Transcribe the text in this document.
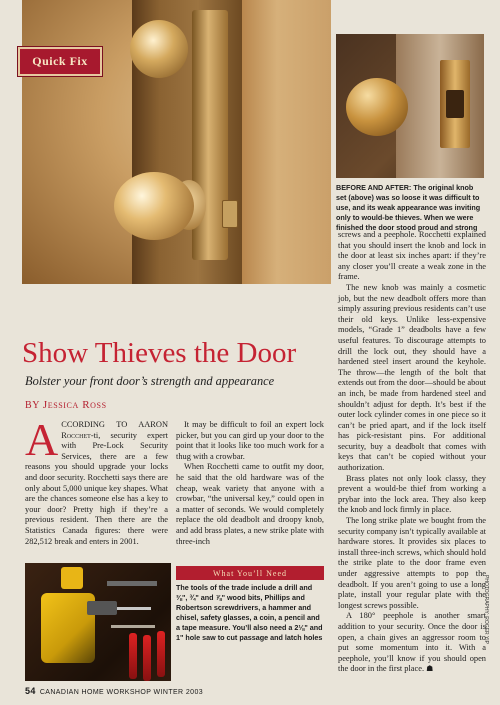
Quick Fix

BEFORE AND AFTER: The original knob set (above) was so loose it was difficult to use, and its weak appearance was inviting only to would-be thieves. When we were finished the door stood proud and strong

Show Thieves the Door

Bolster your front door’s strength and appearance

BY Jessica Ross

ACCORDING TO AARON Rocchet-ti, security expert with Pre-Lock Security Services, there are a few reasons you should upgrade your locks and door security. Rocchetti says there are only about 5,000 unique key shapes. What are the chances someone else has a key to your door? Pretty high if they’re a previous resident. Then there are the Statistics Canada figures: there were 282,512 break and enters in 2001.

It may be difficult to foil an expert lock picker, but you can gird up your door to the point that it looks like too much work for a thug with a crowbar.

When Rocchetti came to outfit my door, he said that the old hardware was of the cheap, weak variety that anyone with a crowbar, “the universal key,” could open in a matter of seconds. We would completely replace the old deadbolt and droopy knob, and add brass plates, a new strike plate with three-inch

screws and a peephole. Rocchetti explained that you should insert the knob and lock in the door at least six inches apart: if they’re any closer you’ll create a weak zone in the frame.

The new knob was mainly a cosmetic job, but the new deadbolt offers more than simply assuring previous residents can’t use their old keys. Unlike less-expensive models, “Grade 1” deadbolts have a few useful features. To discourage attempts to drill the lock out, they should have a hardened steel insert around the keyhole. The throw—the length of the bolt that extends out from the door—should be about an inch, be made from hardened steel and shouldn’t adjust for depth. It’s best if the outer lock cylinder comes in one piece so it can’t be pried apart, and if the lock itself has pick-resistant pins. For additional security, buy a deadbolt that comes with keys that can’t be copied without your authorization.

Brass plates not only look classy, they prevent a would-be thief from working a prybar into the lock area. They also keep the knob and lock firmly in place.

The long strike plate we bought from the security company isn’t typically available at hardware stores. It provides six places to install three-inch screws, which should hold the strike plate to the door frame even under aggressive attempts to pop the deadbolt. If you aren’t going to use a long plate, install your regular plate with the longest screws possible.

A 180° peephole is another smart addition to your security. Once the door is open, a chain gives an aggressor room to put some momentum into it. With a peephole, you’ll know if you should open the door in the first place. ☗

What You’ll Need

The tools of the trade include a drill and ⅜", ¾" and ⅞" wood bits, Phillips and Robertson screwdrivers, a hammer and chisel, safety glasses, a coin, a pencil and a tape measure. You’ll also need a 2⅛" and 1" hole saw to cut passage and latch holes	PHOTOGRAPHY: ROGER YIP

54 CANADIAN HOME WORKSHOP WINTER 2003
